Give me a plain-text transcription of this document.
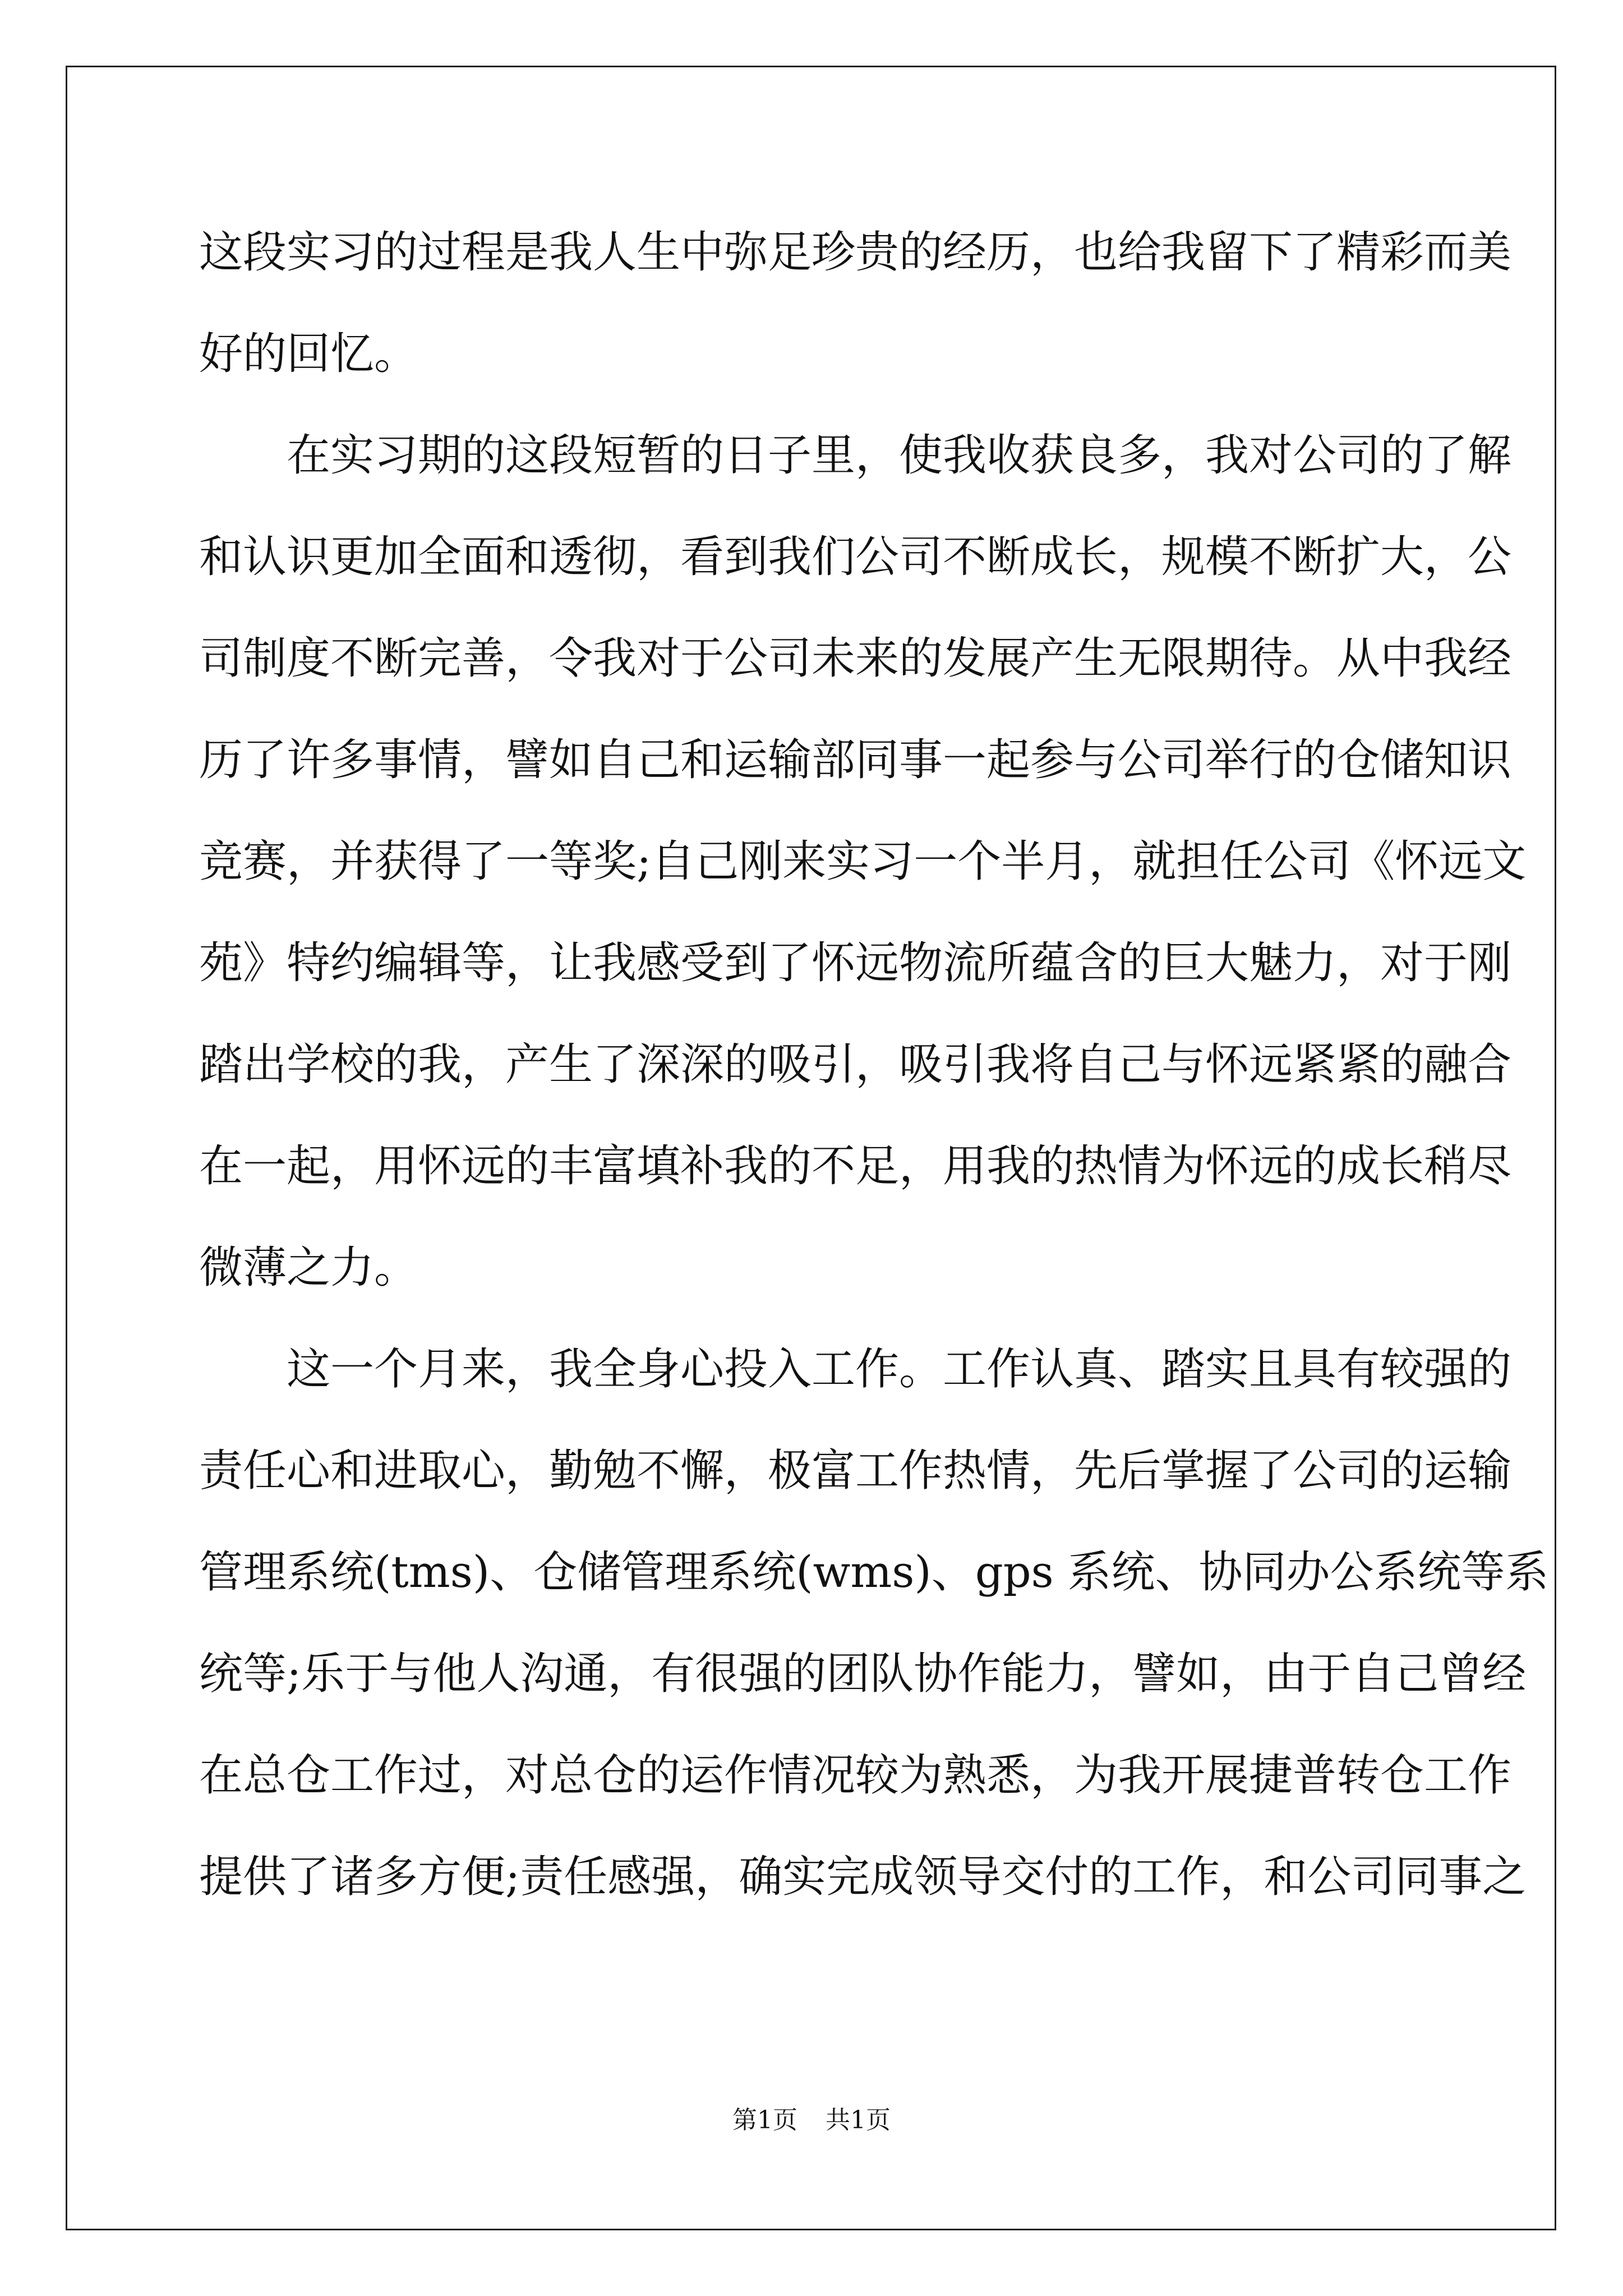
这段实习的过程是我人生中弥足珍贵的经历，也给我留下了精彩而美
好的回忆。
在实习期的这段短暂的日子里，使我收获良多，我对公司的了解
和认识更加全面和透彻，看到我们公司不断成长，规模不断扩大，公
司制度不断完善，令我对于公司未来的发展产生无限期待。从中我经
历了许多事情，譬如自己和运输部同事一起参与公司举行的仓储知识
竞赛，并获得了一等奖;自己刚来实习一个半月，就担任公司《怀远文
苑》特约编辑等，让我感受到了怀远物流所蕴含的巨大魅力，对于刚
踏出学校的我，产生了深深的吸引，吸引我将自己与怀远紧紧的融合
在一起，用怀远的丰富填补我的不足，用我的热情为怀远的成长稍尽
微薄之力。
这一个月来，我全身心投入工作。工作认真、踏实且具有较强的
责任心和进取心，勤勉不懈，极富工作热情，先后掌握了公司的运输
管理系统(tms)、仓储管理系统(wms)、gps 系统、协同办公系统等系
统等;乐于与他人沟通，有很强的团队协作能力，譬如，由于自己曾经
在总仓工作过，对总仓的运作情况较为熟悉，为我开展捷普转仓工作
提供了诸多方便;责任感强，确实完成领导交付的工作，和公司同事之
第1页 共1页
